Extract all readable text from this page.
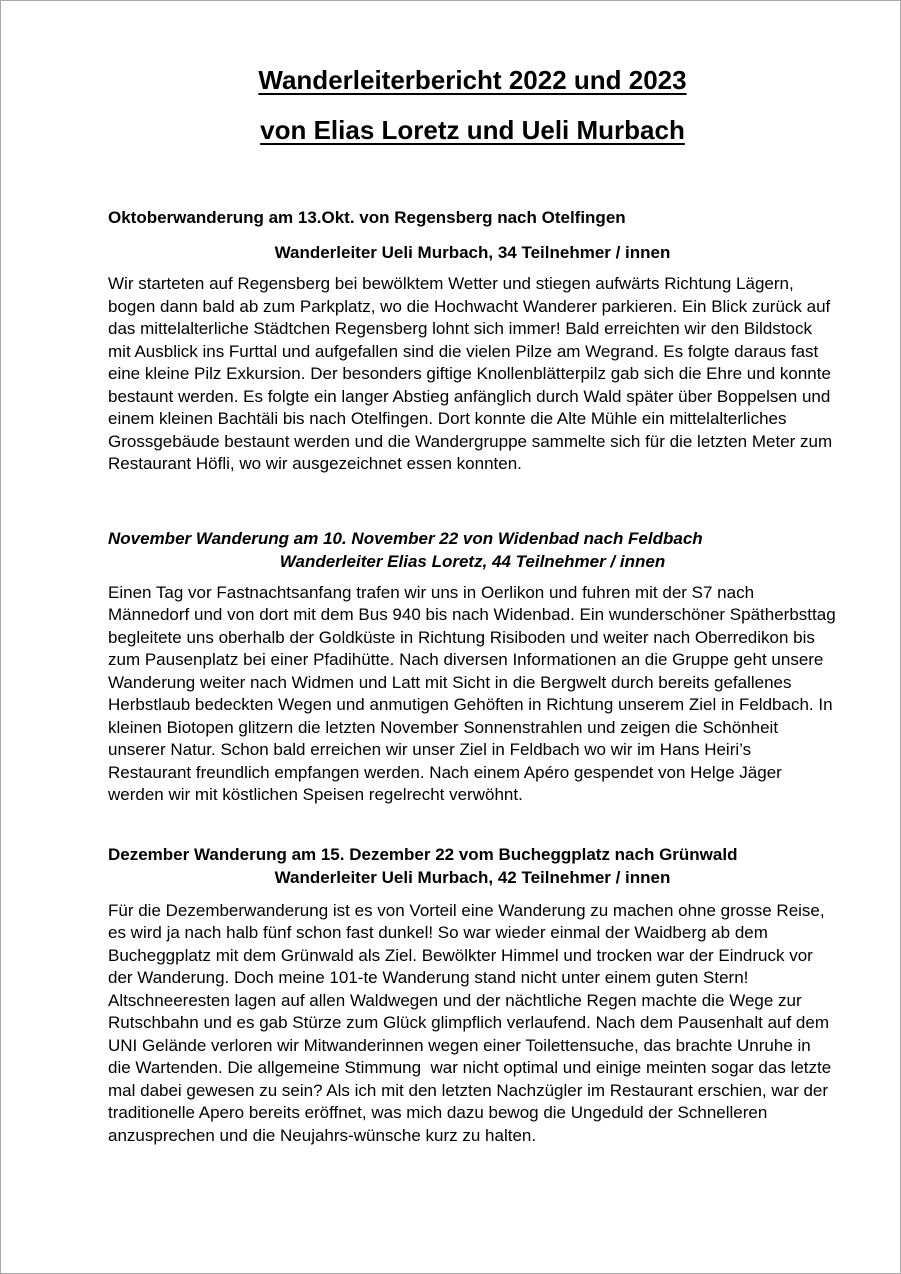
Wanderleiterbericht 2022 und 2023
von Elias Loretz und Ueli Murbach

Oktoberwanderung am 13.Okt. von Regensberg nach Otelfingen

Wanderleiter Ueli Murbach, 34 Teilnehmer / innen

Wir starteten auf Regensberg bei bewölktem Wetter und stiegen aufwärts Richtung Lägern, bogen dann bald ab zum Parkplatz, wo die Hochwacht Wanderer parkieren. Ein Blick zurück auf das mittelalterliche Städtchen Regensberg lohnt sich immer! Bald erreichten wir den Bildstock mit Ausblick ins Furttal und aufgefallen sind die vielen Pilze am Wegrand. Es folgte daraus fast eine kleine Pilz Exkursion. Der besonders giftige Knollenblätterpilz gab sich die Ehre und konnte bestaunt werden. Es folgte ein langer Abstieg anfänglich durch Wald später über Boppelsen und einem kleinen Bachtäli bis nach Otelfingen. Dort konnte die Alte Mühle ein mittelalterliches Grossgebäude bestaunt werden und die Wandergruppe sammelte sich für die letzten Meter zum Restaurant Höfli, wo wir ausgezeichnet essen konnten.

November Wanderung am 10. November 22 von Widenbad nach Feldbach

Wanderleiter Elias Loretz, 44 Teilnehmer / innen

Einen Tag vor Fastnachtsanfang trafen wir uns in Oerlikon und fuhren mit der S7 nach Männedorf und von dort mit dem Bus 940 bis nach Widenbad. Ein wunderschöner Spätherbsttag begleitete uns oberhalb der Goldküste in Richtung Risiboden und weiter nach Oberredikon bis zum Pausenplatz bei einer Pfadihütte. Nach diversen Informationen an die Gruppe geht unsere Wanderung weiter nach Widmen und Latt mit Sicht in die Bergwelt durch bereits gefallenes Herbstlaub bedeckten Wegen und anmutigen Gehöften in Richtung unserem Ziel in Feldbach. In kleinen Biotopen glitzern die letzten November Sonnenstrahlen und zeigen die Schönheit unserer Natur. Schon bald erreichen wir unser Ziel in Feldbach wo wir im Hans Heiri’s Restaurant freundlich empfangen werden. Nach einem Apéro gespendet von Helge Jäger werden wir mit köstlichen Speisen regelrecht verwöhnt.

Dezember Wanderung am 15. Dezember 22 vom Bucheggplatz nach Grünwald

Wanderleiter Ueli Murbach, 42 Teilnehmer / innen

Für die Dezemberwanderung ist es von Vorteil eine Wanderung zu machen ohne grosse Reise, es wird ja nach halb fünf schon fast dunkel! So war wieder einmal der Waidberg ab dem Bucheggplatz mit dem Grünwald als Ziel. Bewölkter Himmel und trocken war der Eindruck vor der Wanderung. Doch meine 101-te Wanderung stand nicht unter einem guten Stern! Altschneeresten lagen auf allen Waldwegen und der nächtliche Regen machte die Wege zur Rutschbahn und es gab Stürze zum Glück glimpflich verlaufend. Nach dem Pausenhalt auf dem UNI Gelände verloren wir Mitwanderinnen wegen einer Toilettensuche, das brachte Unruhe in die Wartenden. Die allgemeine Stimmung  war nicht optimal und einige meinten sogar das letzte mal dabei gewesen zu sein? Als ich mit den letzten Nachzügler im Restaurant erschien, war der traditionelle Apero bereits eröffnet, was mich dazu bewog die Ungeduld der Schnelleren anzusprechen und die Neujahrs-wünsche kurz zu halten.
